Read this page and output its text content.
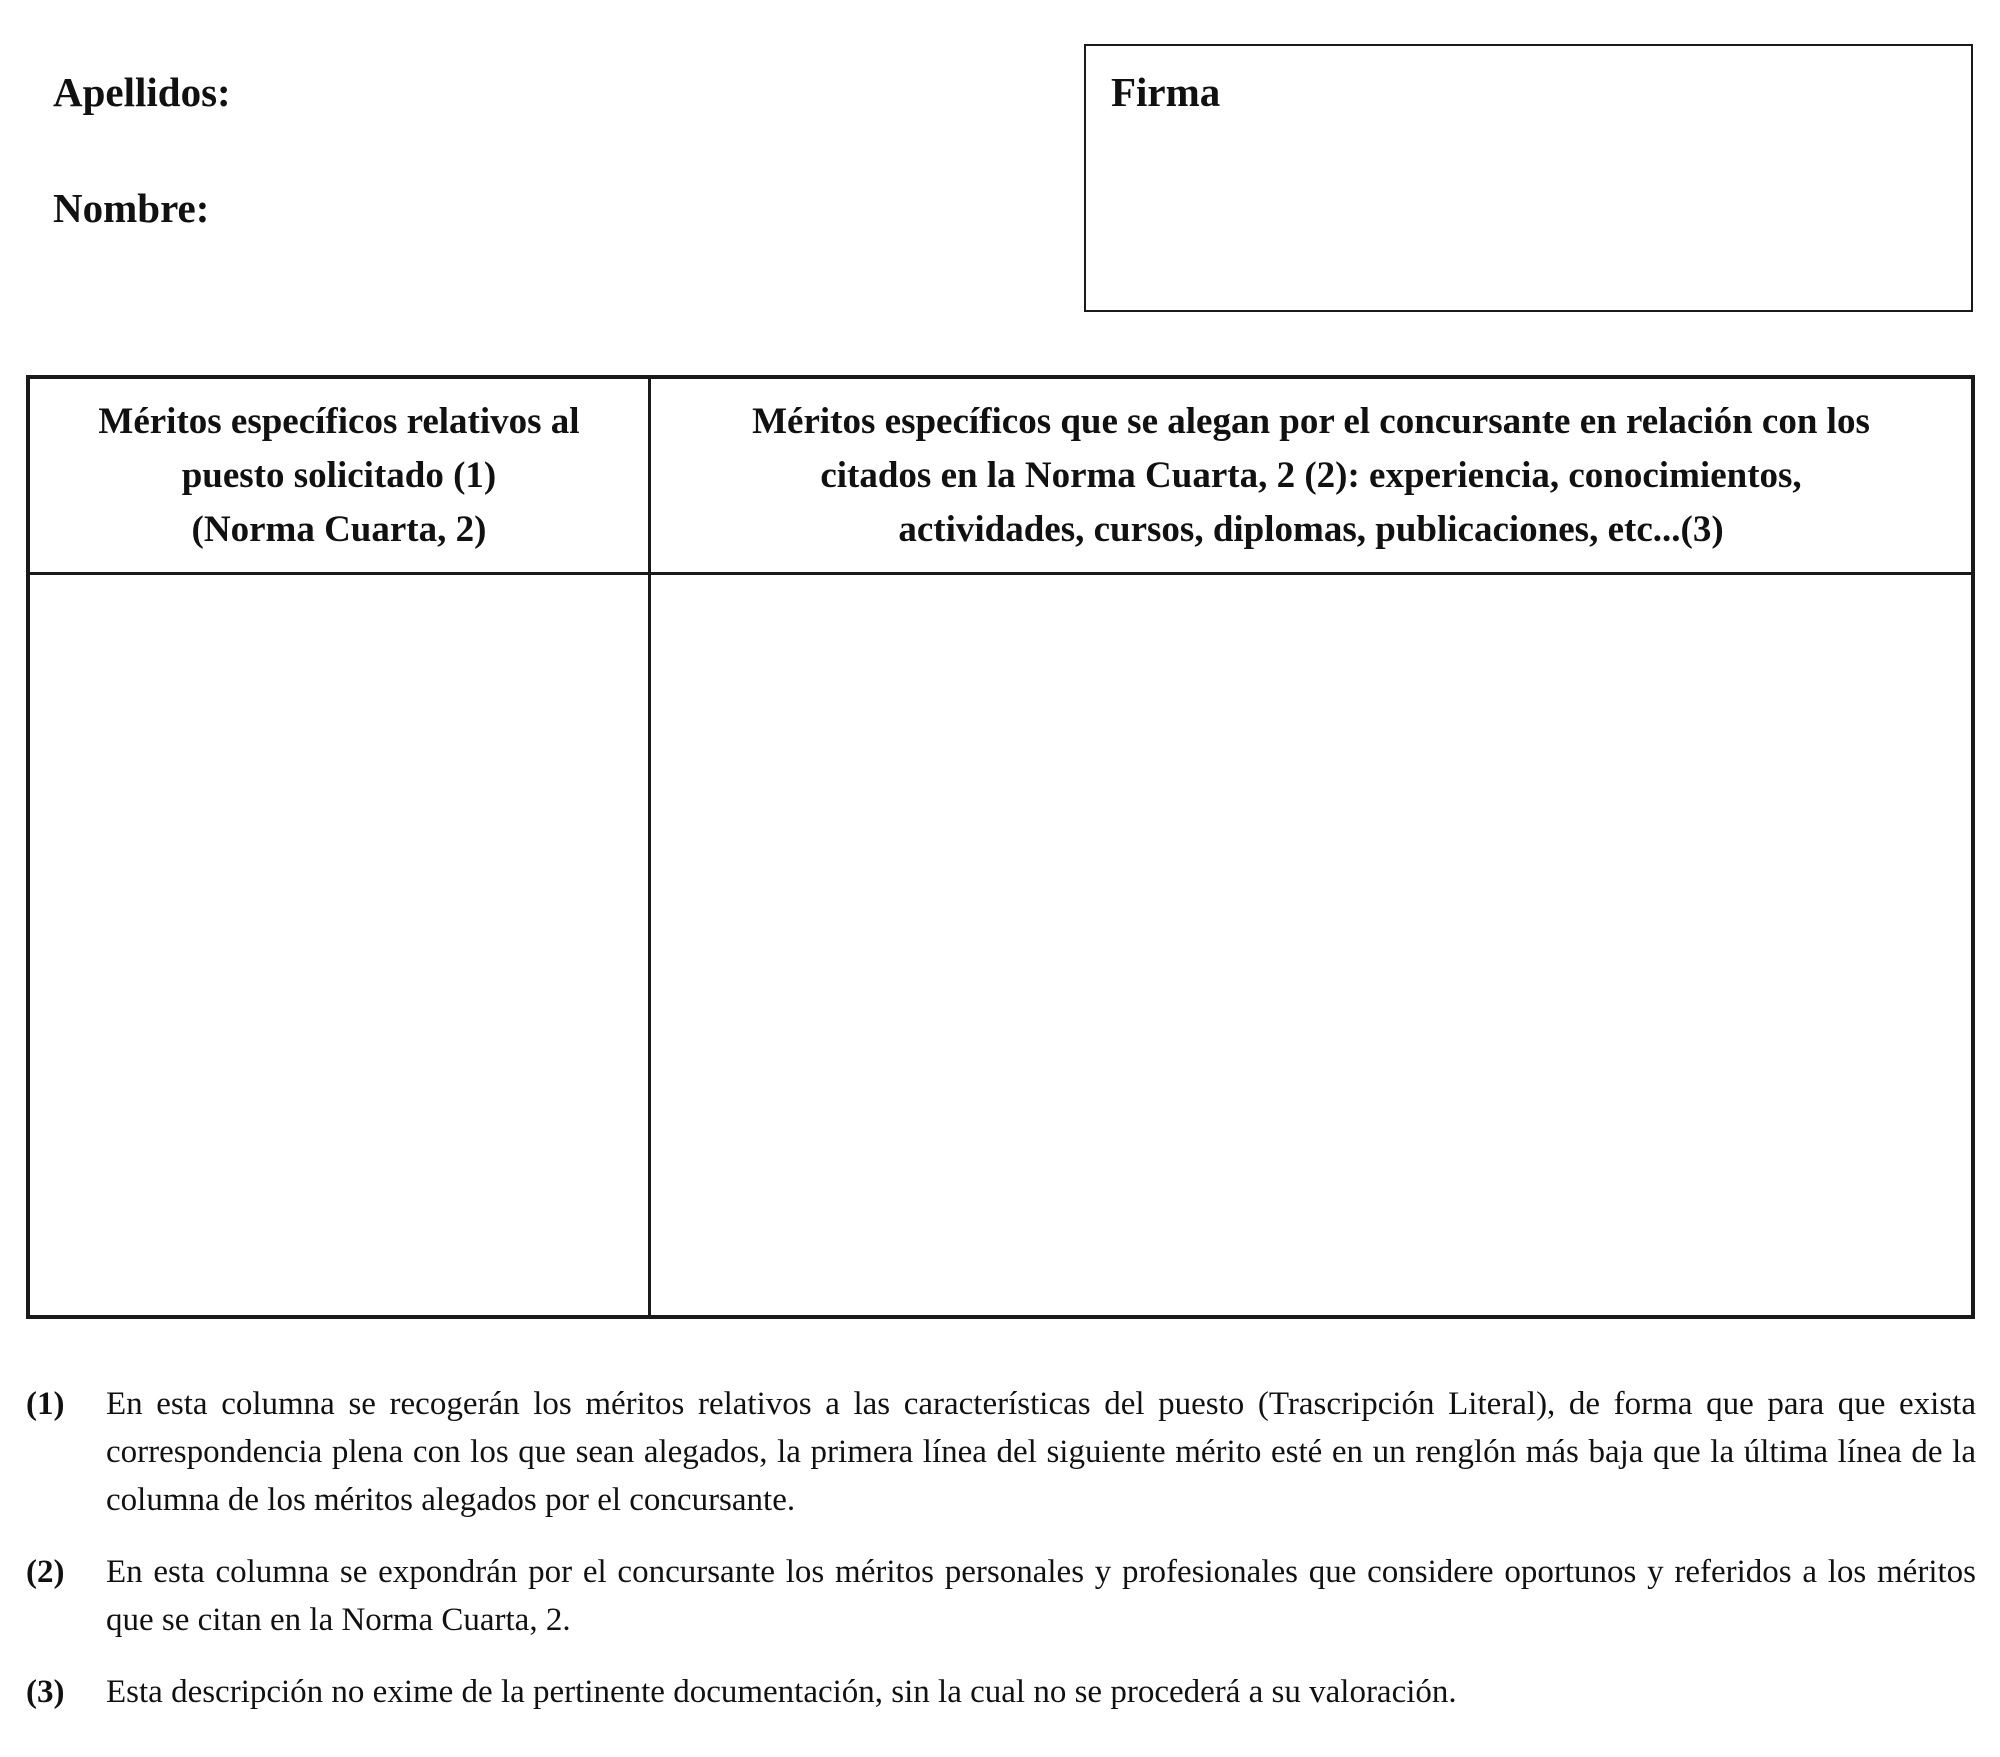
Apellidos:
Nombre:
Firma
Méritos específicos relativos al
puesto solicitado (1)
(Norma Cuarta, 2)
Méritos específicos que se alegan por el concursante en relación con los
citados en la Norma Cuarta, 2 (2): experiencia, conocimientos,
actividades, cursos, diplomas, publicaciones, etc...(3)
(1) En esta columna se recogerán los méritos relativos a las características del puesto (Trascripción Literal), de forma que para que exista correspondencia plena con los que sean alegados, la primera línea del siguiente mérito esté en un renglón más baja que la última línea de la columna de los méritos alegados por el concursante.
(2) En esta columna se expondrán por el concursante los méritos personales y profesionales que considere oportunos y referidos a los méritos que se citan en la Norma Cuarta, 2.
(3) Esta descripción no exime de la pertinente documentación, sin la cual no se procederá a su valoración.
